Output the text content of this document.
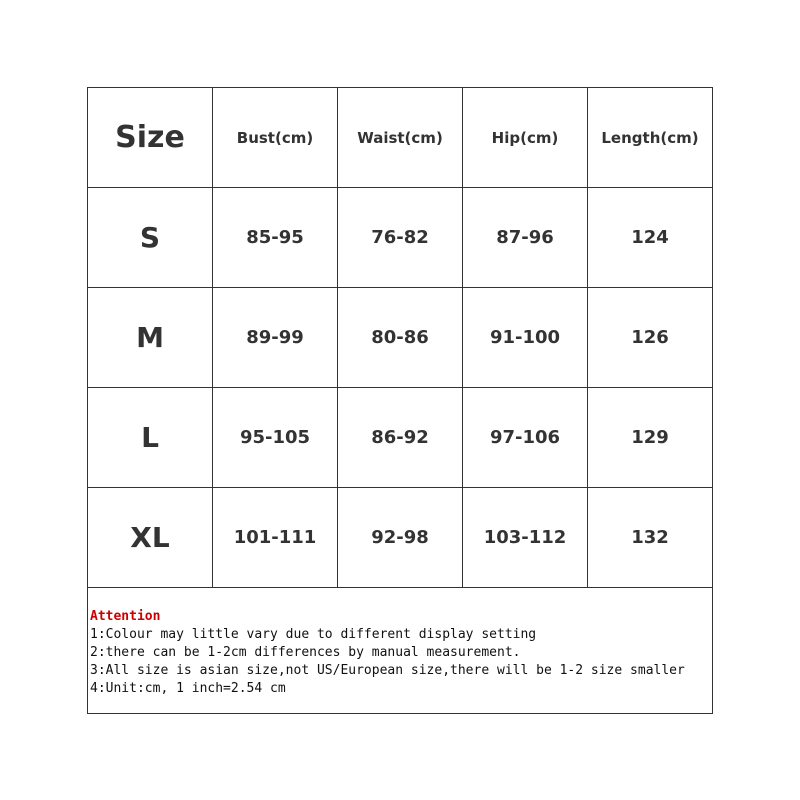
Size	Bust(cm)	Waist(cm)	Hip(cm)	Length(cm)
S	85-95	76-82	87-96	124
M	89-99	80-86	91-100	126
L	95-105	86-92	97-106	129
XL	101-111	92-98	103-112	132

Attention
1:Colour may little vary due to different display setting
2:there can be 1-2cm differences by manual measurement.
3:All size is asian size,not US/European size,there will be 1-2 size smaller
4:Unit:cm, 1 inch=2.54 cm				
